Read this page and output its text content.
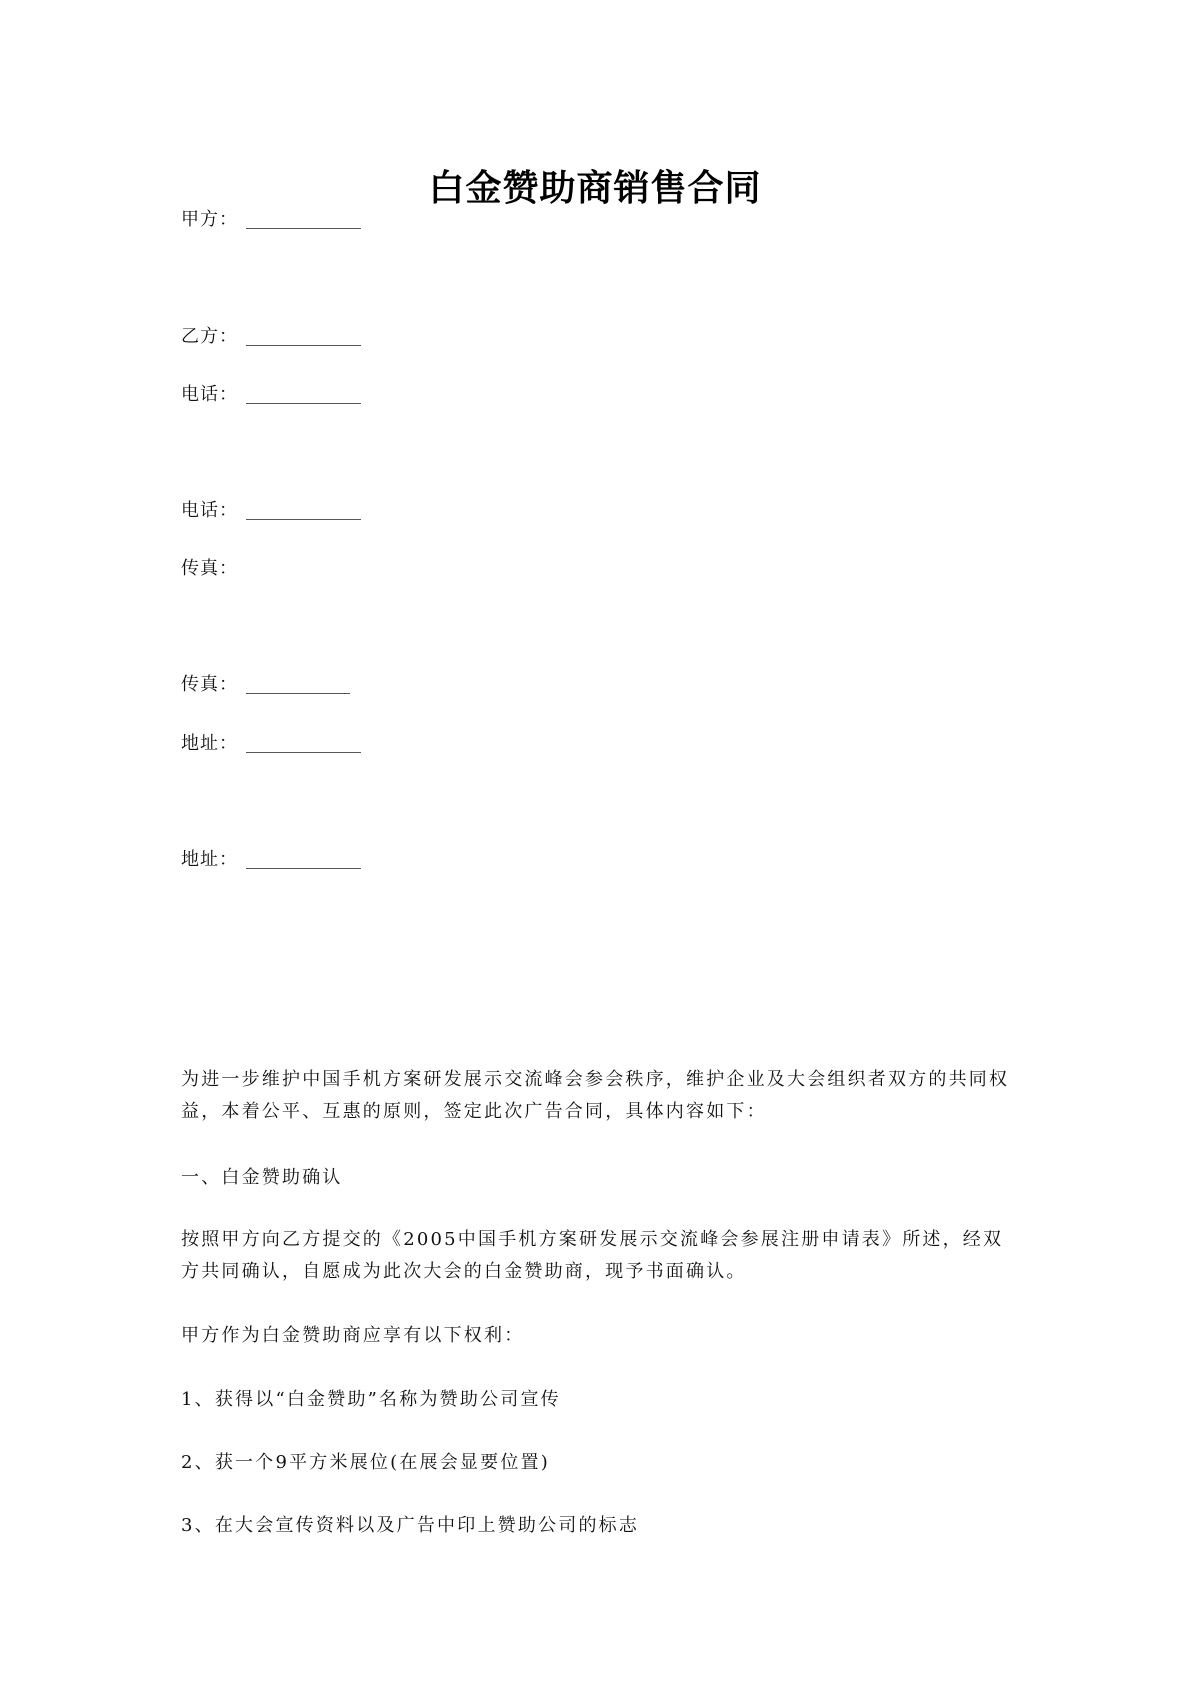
白金赞助商销售合同
甲方：
乙方：
电话：
电话：
传真：
传真：
地址：
地址：
为进一步维护中国手机方案研发展示交流峰会参会秩序，维护企业及大会组织者双方的共同权益，本着公平、互惠的原则，签定此次广告合同，具体内容如下：
一、白金赞助确认
按照甲方向乙方提交的《2005中国手机方案研发展示交流峰会参展注册申请表》所述，经双方共同确认，自愿成为此次大会的白金赞助商，现予书面确认。
甲方作为白金赞助商应享有以下权利：
1、获得以“白金赞助”名称为赞助公司宣传
2、获一个9平方米展位(在展会显要位置)
3、在大会宣传资料以及广告中印上赞助公司的标志
